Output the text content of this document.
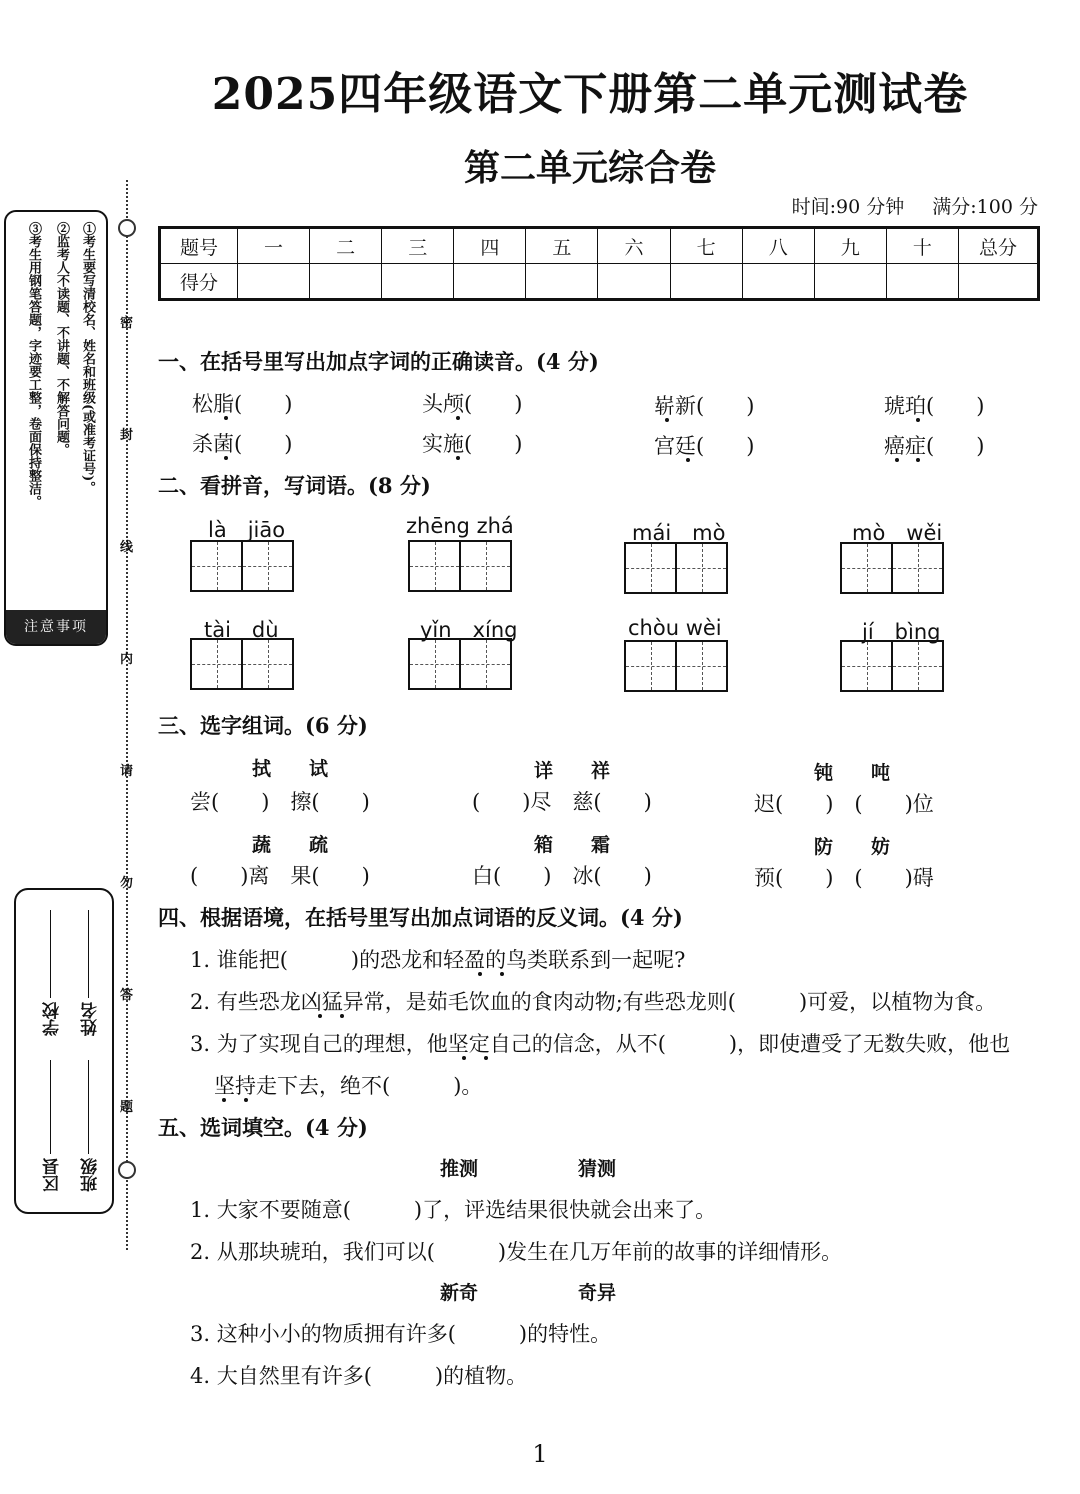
2025四年级语文下册第二单元测试卷
第二单元综合卷
时间:90 分钟 满分:100 分
题号	一	二	三	四	五	六	七	八	九	十	总分
得分											
①考生要写清校名、姓名和班级(或准考证号)。
②监考人不读题、不讲题、不解答问题。
③考生用钢笔答题，字迹要工整，卷面保持整洁。
注意事项
密
封
线
内
请
勿
答
题
学校 姓名
区县 班级
一、在括号里写出加点字词的正确读音。(4 分)
松脂(　　)	头颅(　　)	崭新(　　)	琥珀(　　)
杀菌(　　)	实施(　　)	宫廷(　　)	癌症(　　)
二、看拼音，写词语。(8 分)
là　jiāo	zhēng zhá	mái　mò	mò　wěi
tài　dù	yǐn　xíng	chòu wèi	jí　bìng
三、选字组词。(6 分)
拭　　试	详　　祥	钝　　吨
尝(　　)　擦(　　)	(　　)尽　慈(　　)	迟(　　)　(　　)位
蔬　　疏	箱　　霜	防　　妨
(　　)离　果(　　)	白(　　)　冰(　　)	预(　　)　(　　)碍
四、根据语境，在括号里写出加点词语的反义词。(4 分)
1. 谁能把(　　　)的恐龙和轻盈的鸟类联系到一起呢?
2. 有些恐龙凶猛异常，是茹毛饮血的食肉动物;有些恐龙则(　　　)可爱，以植物为食。
3. 为了实现自己的理想，他坚定自己的信念，从不(　　　)，即使遭受了无数失败，他也
坚持走下去，绝不(　　　)。
五、选词填空。(4 分)
推测	猜测
1. 大家不要随意(　　　)了，评选结果很快就会出来了。
2. 从那块琥珀，我们可以(　　　)发生在几万年前的故事的详细情形。
新奇	奇异
3. 这种小小的物质拥有许多(　　　)的特性。
4. 大自然里有许多(　　　)的植物。
1
